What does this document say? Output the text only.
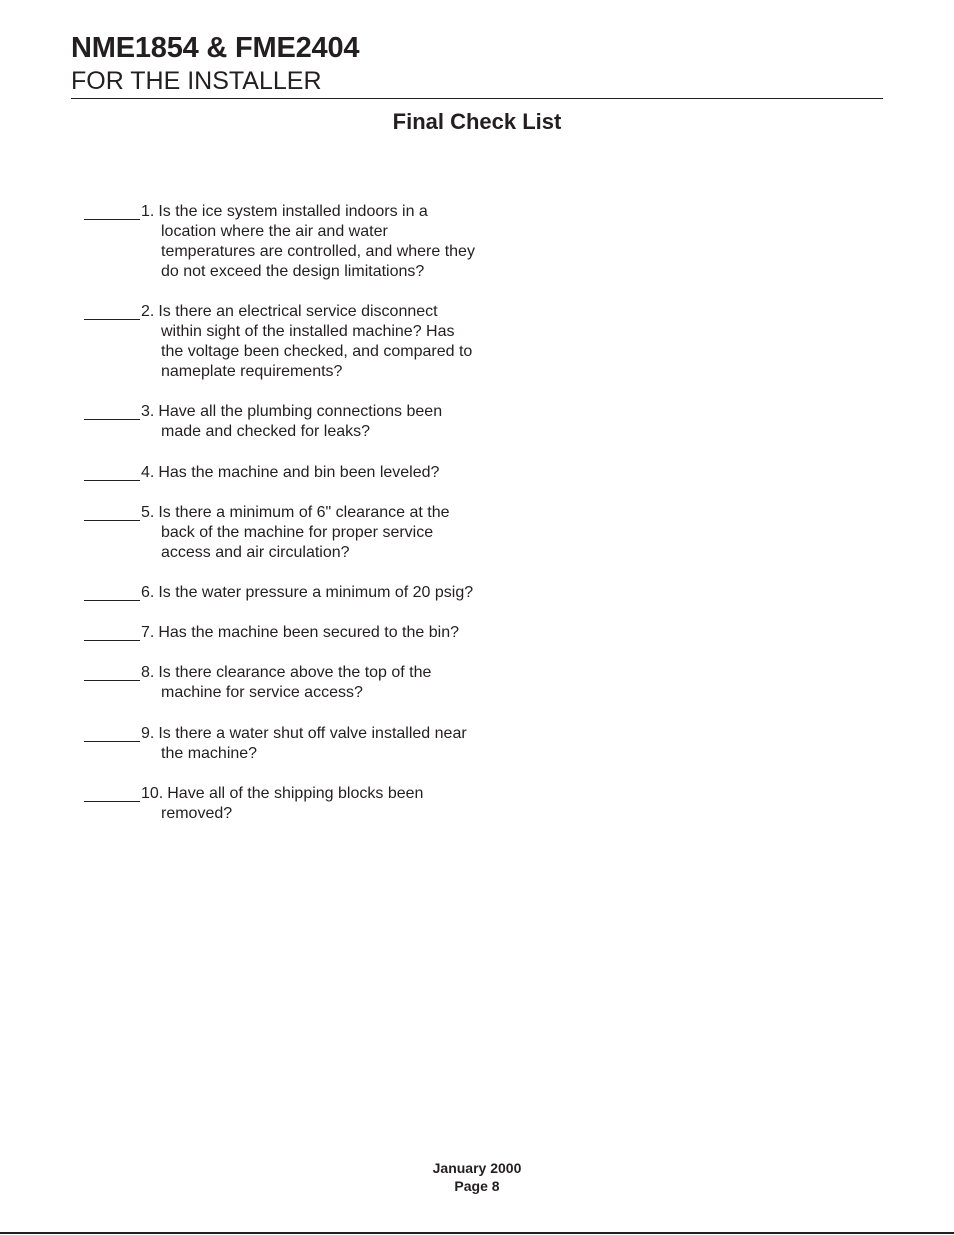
NME1854 & FME2404
FOR THE INSTALLER
Final Check List
1. Is the ice system installed indoors in a location where the air and water temperatures are controlled, and where they do not exceed the design limitations?
2. Is there an electrical service disconnect within sight of the installed machine? Has the voltage been checked, and compared to nameplate requirements?
3. Have all the plumbing connections been made and checked for leaks?
4. Has the machine and bin been leveled?
5. Is there a minimum of 6" clearance at the back of the machine for proper service access and air circulation?
6. Is the water pressure a minimum of 20 psig?
7. Has the machine been secured to the bin?
8. Is there clearance above the top of the machine for service access?
9. Is there a water shut off valve installed near the machine?
10. Have all of the shipping blocks been removed?
January 2000
Page 8
